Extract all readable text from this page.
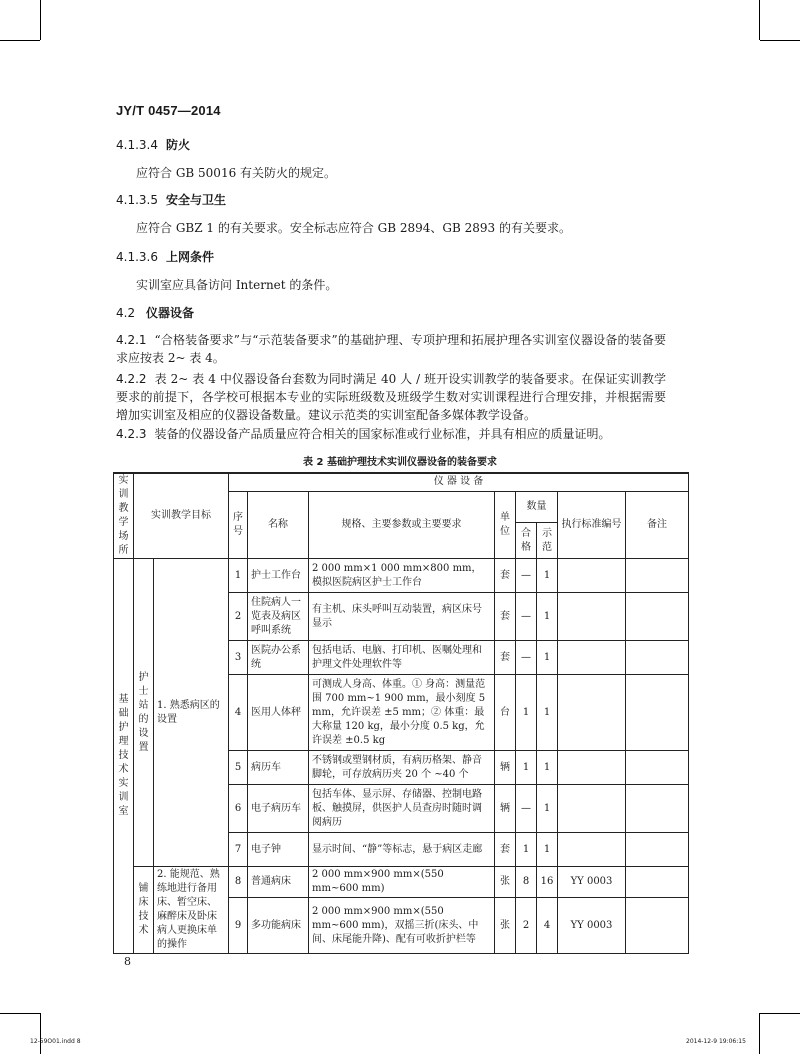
JY/T 0457—2014
4.1.3.4 防火
应符合 GB 50016 有关防火的规定。
4.1.3.5 安全与卫生
应符合 GBZ 1 的有关要求。安全标志应符合 GB 2894、GB 2893 的有关要求。
4.1.3.6 上网条件
实训室应具备访问 Internet 的条件。
4.2 仪器设备
4.2.1 “合格装备要求”与“示范装备要求”的基础护理、专项护理和拓展护理各实训室仪器设备的装备要求应按表 2~ 表 4。
4.2.2 表 2~ 表 4 中仪器设备台套数为同时满足 40 人 / 班开设实训教学的装备要求。在保证实训教学要求的前提下，各学校可根据本专业的实际班级数及班级学生数对实训课程进行合理安排，并根据需要增加实训室及相应的仪器设备数量。建议示范类的实训室配备多媒体教学设备。
4.2.3 装备的仪器设备产品质量应符合相关的国家标准或行业标准，并具有相应的质量证明。
表 2 基础护理技术实训仪器设备的装备要求
实训教学场所	实训教学目标		仪 器 设 备							

			序号	名称	规格、主要参数或主要要求	单位	数量		执行标准编号	备注

							合格	示范		

基础护理技术实训室	护士站的设置	1. 熟悉病区的设置	1	护士工作台	2 000 mm×1 000 mm×800 mm，模拟医院病区护士工作台	套	—	1		
			2	住院病人一览表及病区呼叫系统	有主机、床头呼叫互动装置，病区床号显示	套	—	1		
			3	医院办公系统	包括电话、电脑、打印机、医嘱处理和护理文件处理软件等	套	—	1		
			4	医用人体秤	可测成人身高、体重。① 身高：测量范围 700 mm~1 900 mm，最小刻度 5 mm，允许误差 ±5 mm；② 体重：最大称量 120 kg，最小分度 0.5 kg，允许误差 ±0.5 kg	台	1	1		
			5	病历车	不锈钢或塑钢材质，有病历格架、静音脚轮，可存放病历夹 20 个 ~40 个	辆	1	1		
			6	电子病历车	包括车体、显示屏、存储器、控制电路板、触摸屏，供医护人员查房时随时调阅病历	辆	—	1		
			7	电子钟	显示时间、“静”等标志，悬于病区走廊	套	1	1		

	铺床技术	2. 能规范、熟练地进行备用床、暂空床、麻醉床及卧床病人更换床单的操作	8	普通病床	2 000 mm×900 mm×(550 mm~600 mm)	张	8	16	YY 0003	
			9	多功能病床	2 000 mm×900 mm×(550 mm~600 mm)，双摇三折(床头、中间、床尾能升降)、配有可收折护栏等	张	2	4	YY 0003	
8
12-59O01.indd 8	2014-12-9 19:06:15
